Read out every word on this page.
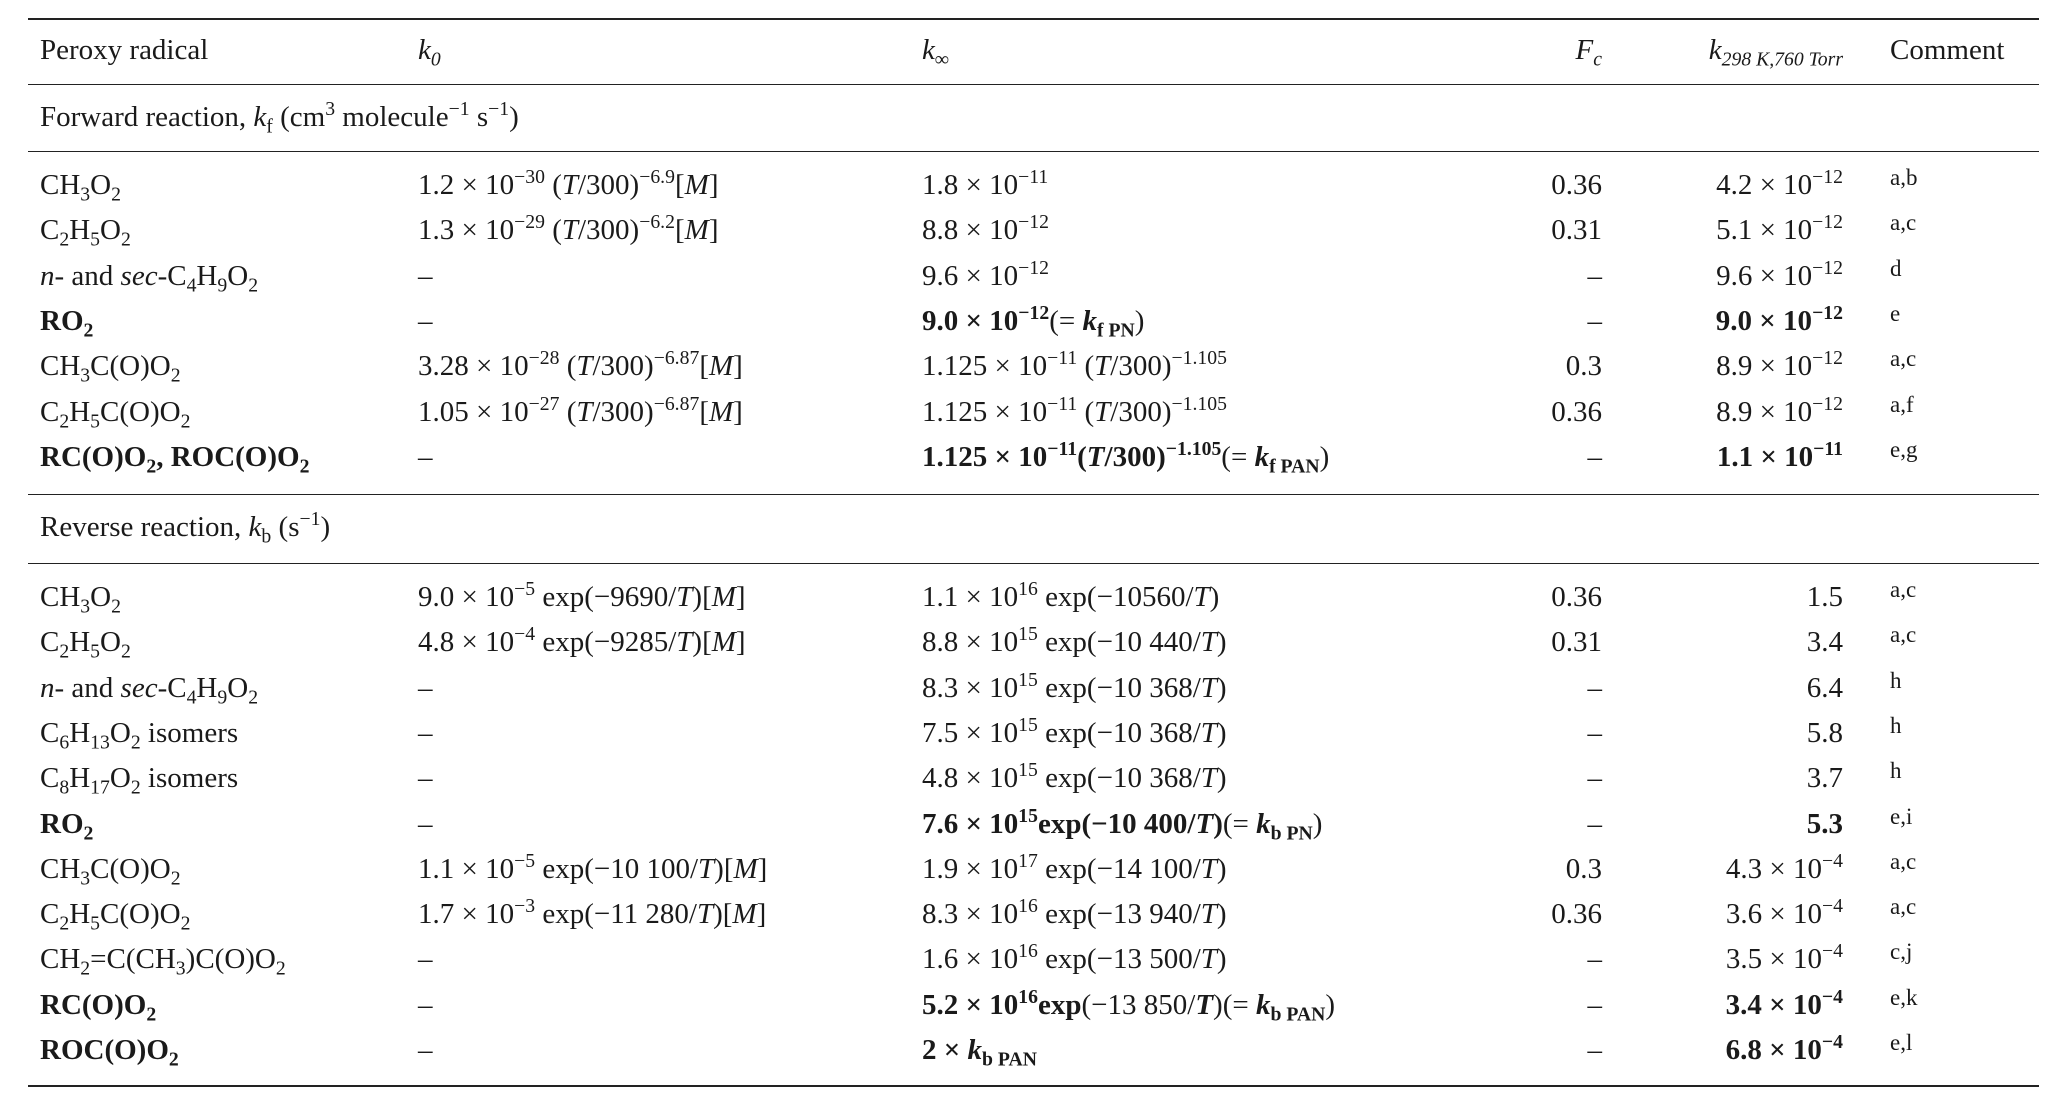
Peroxy radical	$k_0$	$k_\infty$	$F_c$	$k_{298 K,760 Torr}$ Comment
Forward reaction, $k_f$ ($cm^3$ molecule$^{-1}$ $s^{-1}$)
Reverse reaction, $k_b$ $(s^{-1})$
$CH_3O_2$	$1.2 \times 10^{-30}$ $(T/300)^{-6.9}[M]$	$1.8 \times 10^{-11}$	0.36	$4.2 \times 10^{-12}$ a,b
$C_2H_5O_2$	$1.3 \times 10^{-29}$ $(T/300)^{-6.2}[M]$	$8.8 \times 10^{-12}$	0.31	$5.1 \times 10^{-12}$ a,c
n- and $\sec-C_4H_9O_2$	–	$9.6 \times 10^{-12}$	–	$9.6 \times 10^{-12}$ d
$RO_2$	–	$9.0 \times 10^{-12}(= k_{f PN})$	–	$9.0 \times 10^{-12}$ e
$CH_3C(O)O_2$	$3.28 \times 10^{-28}$ $(T/300)^{-6.87}[M]$	$1.125 \times 10^{-11}$ $(T/300)^{-1.105}$	0.3	$8.9 \times 10^{-12}$ a,c
$C_2H_5C(O)O_2$	$1.05 \times 10^{-27}$ $(T/300)^{-6.87}[M]$	$1.125 \times 10^{-11}$ $(T/300)^{-1.105}$	0.36	$8.9 \times 10^{-12}$ a,f
$RC(O)O_2$, $ROC(O)O_2$	–	$1.125 \times 10^{-11}(T/300)^{-1.105}(= k_{f PAN})$	–	$1.1 \times 10^{-11}$ e,g
$CH_3O_2$	$9.0 \times 10^{-5}$ exp(−9690/T)[M]	$1.1 \times 10^{16}$ exp(−10560/T)	0.36	1.5 a,c
$C_2H_5O_2$	$4.8 \times 10^{-4}$ exp(−9285/T)[M]	$8.8 \times 10^{15}$ exp(−10 440/T)	0.31	3.4 a,c
n- and $\sec-C_4H_9O_2$	–	$8.3 \times 10^{15}$ exp(−10 368/T)	–	6.4 h
$C_6H_{13}O_2$ isomers	–	$7.5 \times 10^{15}$ exp(−10 368/T)	–	5.8 h
$C_8H_{17}O_2$ isomers	–	$4.8 \times 10^{15}$ exp(−10 368/T)	–	3.7 h
$RO_2$	–	$7.6 \times 10^{15}\exp(-10$ $400/T)(= k_{b PN})$	–	5.3 e,i
$CH_3C(O)O_2$	$1.1 \times 10^{-5}$ exp(−10 100/T)[M]	$1.9 \times 10^{17}$ exp(−14 100/T)	0.3	$4.3 \times 10^{-4}$ a,c
$C_2H_5C(O)O_2$	$1.7 \times 10^{-3}$ exp(−11 280/T)[M]	$8.3 \times 10^{16}$ exp(−13 940/T)	0.36	$3.6 \times 10^{-4}$ a,c
$CH_2=C(CH_3)C(O)O_2$	–	$1.6 \times 10^{16}$ exp(−13 500/T)	–	$3.5 \times 10^{-4}$ c,j
$RC(O)O_2$	–	$5.2 \times 10^{16}\exp(-13$ $850/T)(= k_{b PAN})$	–	$3.4 \times 10^{-4}$ e,k
$ROC(O)O_2$	–	$2 \times k_{b PAN}$	–	$6.8 \times 10^{-4}$ e,l
